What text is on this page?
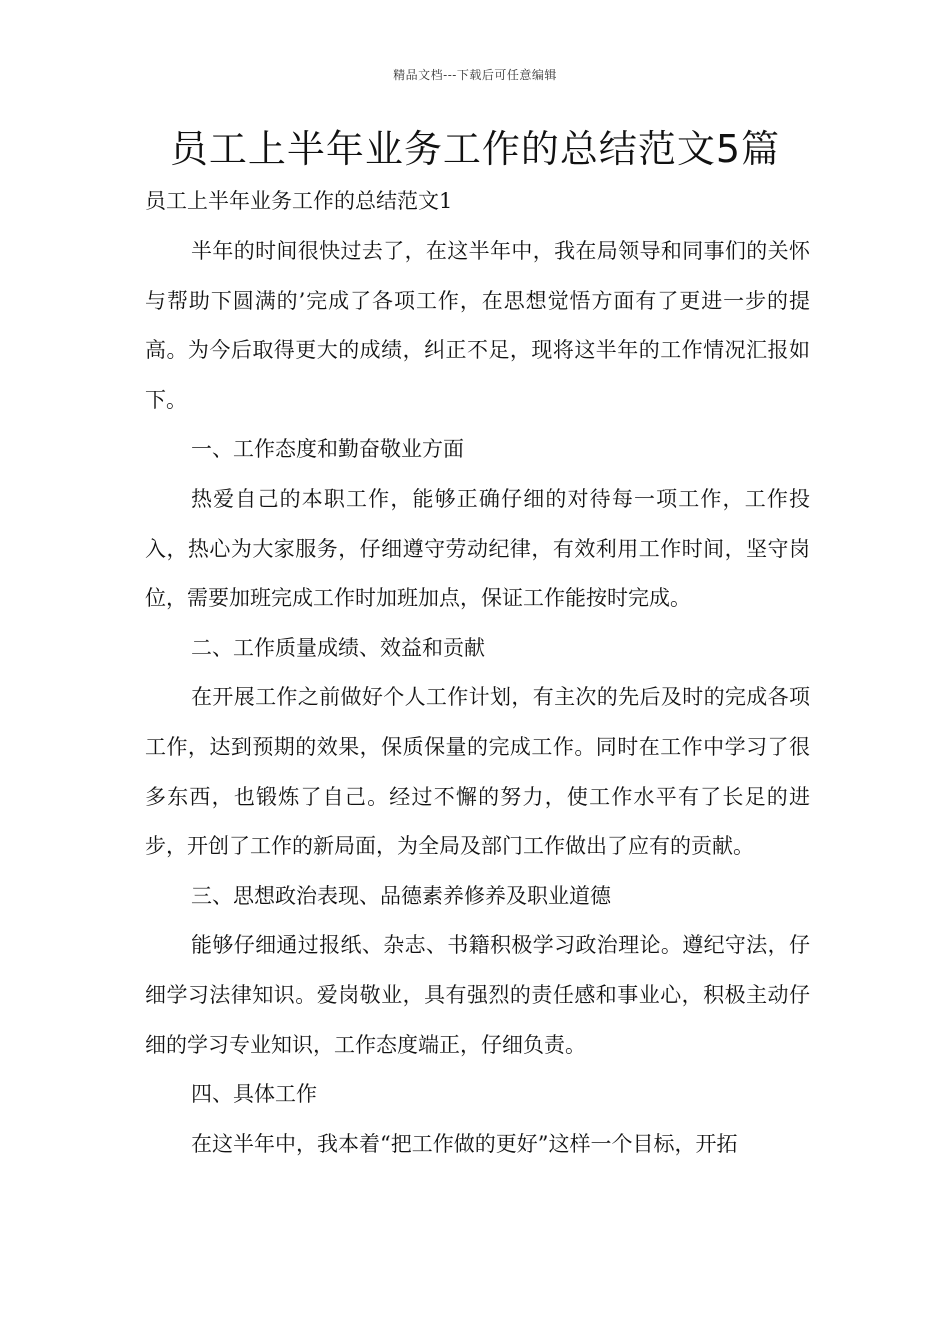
精品文档---下载后可任意编辑
员工上半年业务工作的总结范文5篇
员工上半年业务工作的总结范文1

半年的时间很快过去了，在这半年中，我在局领导和同事们的关怀与帮助下圆满的’完成了各项工作，在思想觉悟方面有了更进一步的提高。为今后取得更大的成绩，纠正不足，现将这半年的工作情况汇报如下。

一、工作态度和勤奋敬业方面

热爱自己的本职工作，能够正确仔细的对待每一项工作，工作投入，热心为大家服务，仔细遵守劳动纪律，有效利用工作时间，坚守岗位，需要加班完成工作时加班加点，保证工作能按时完成。

二、工作质量成绩、效益和贡献

在开展工作之前做好个人工作计划，有主次的先后及时的完成各项工作，达到预期的效果，保质保量的完成工作。同时在工作中学习了很多东西，也锻炼了自己。经过不懈的努力，使工作水平有了长足的进步，开创了工作的新局面，为全局及部门工作做出了应有的贡献。

三、思想政治表现、品德素养修养及职业道德

能够仔细通过报纸、杂志、书籍积极学习政治理论。遵纪守法，仔细学习法律知识。爱岗敬业，具有强烈的责任感和事业心，积极主动仔细的学习专业知识，工作态度端正，仔细负责。

四、具体工作

在这半年中，我本着“把工作做的更好”这样一个目标，开拓
